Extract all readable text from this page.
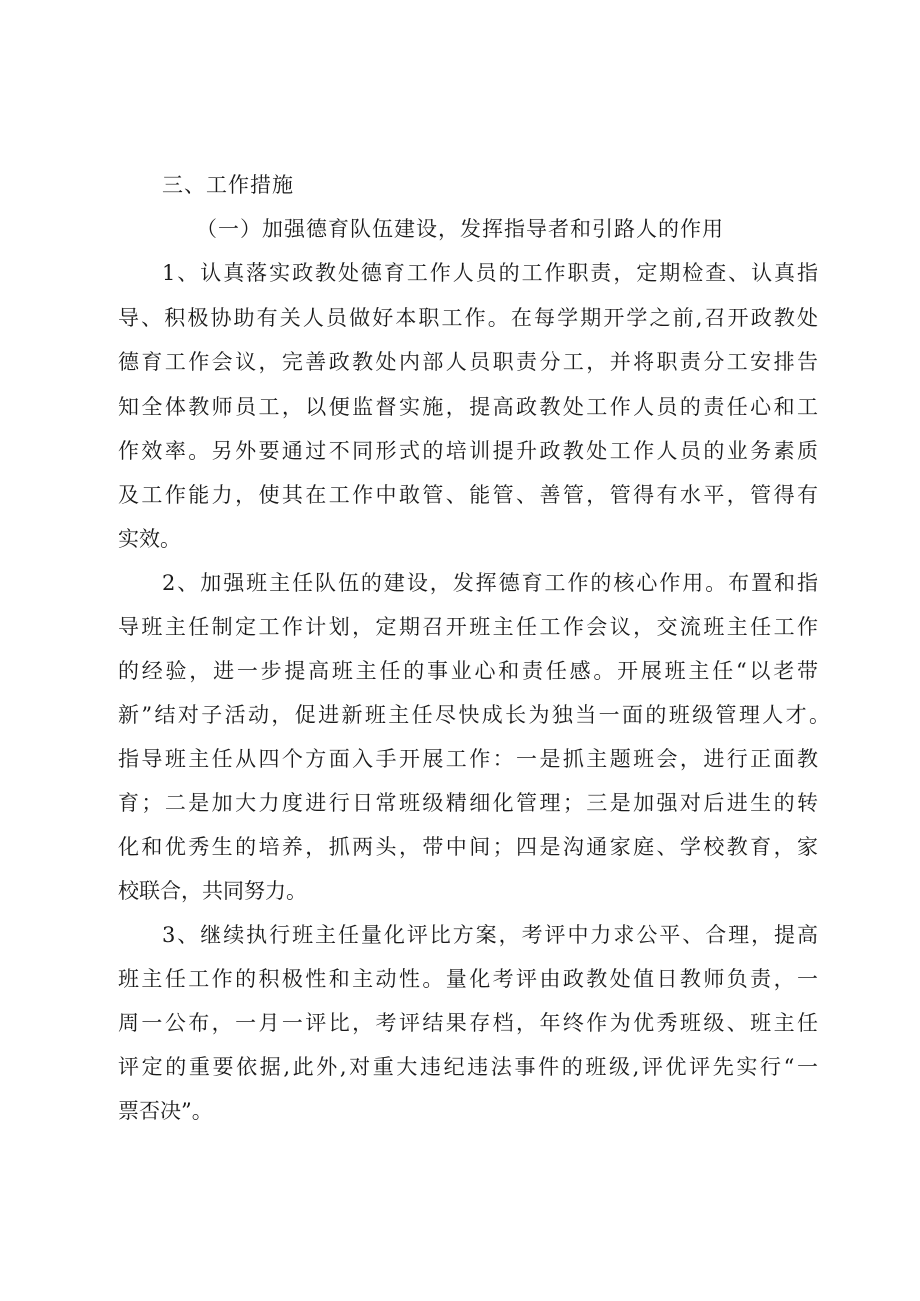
三、工作措施
（一）加强德育队伍建设，发挥指导者和引路人的作用
1、认真落实政教处德育工作人员的工作职责，定期检查、认真指
导、积极协助有关人员做好本职工作。在每学期开学之前,召开政教处
德育工作会议，完善政教处内部人员职责分工，并将职责分工安排告
知全体教师员工，以便监督实施，提高政教处工作人员的责任心和工
作效率。另外要通过不同形式的培训提升政教处工作人员的业务素质
及工作能力，使其在工作中敢管、能管、善管，管得有水平，管得有
实效。
2、加强班主任队伍的建设，发挥德育工作的核心作用。布置和指
导班主任制定工作计划，定期召开班主任工作会议，交流班主任工作
的经验，进一步提高班主任的事业心和责任感。开展班主任“以老带
新”结对子活动，促进新班主任尽快成长为独当一面的班级管理人才。
指导班主任从四个方面入手开展工作：一是抓主题班会，进行正面教
育；二是加大力度进行日常班级精细化管理；三是加强对后进生的转
化和优秀生的培养，抓两头，带中间；四是沟通家庭、学校教育，家
校联合，共同努力。
3、继续执行班主任量化评比方案，考评中力求公平、合理，提高
班主任工作的积极性和主动性。量化考评由政教处值日教师负责，一
周一公布，一月一评比，考评结果存档，年终作为优秀班级、班主任
评定的重要依据,此外,对重大违纪违法事件的班级,评优评先实行“一
票否决”。
